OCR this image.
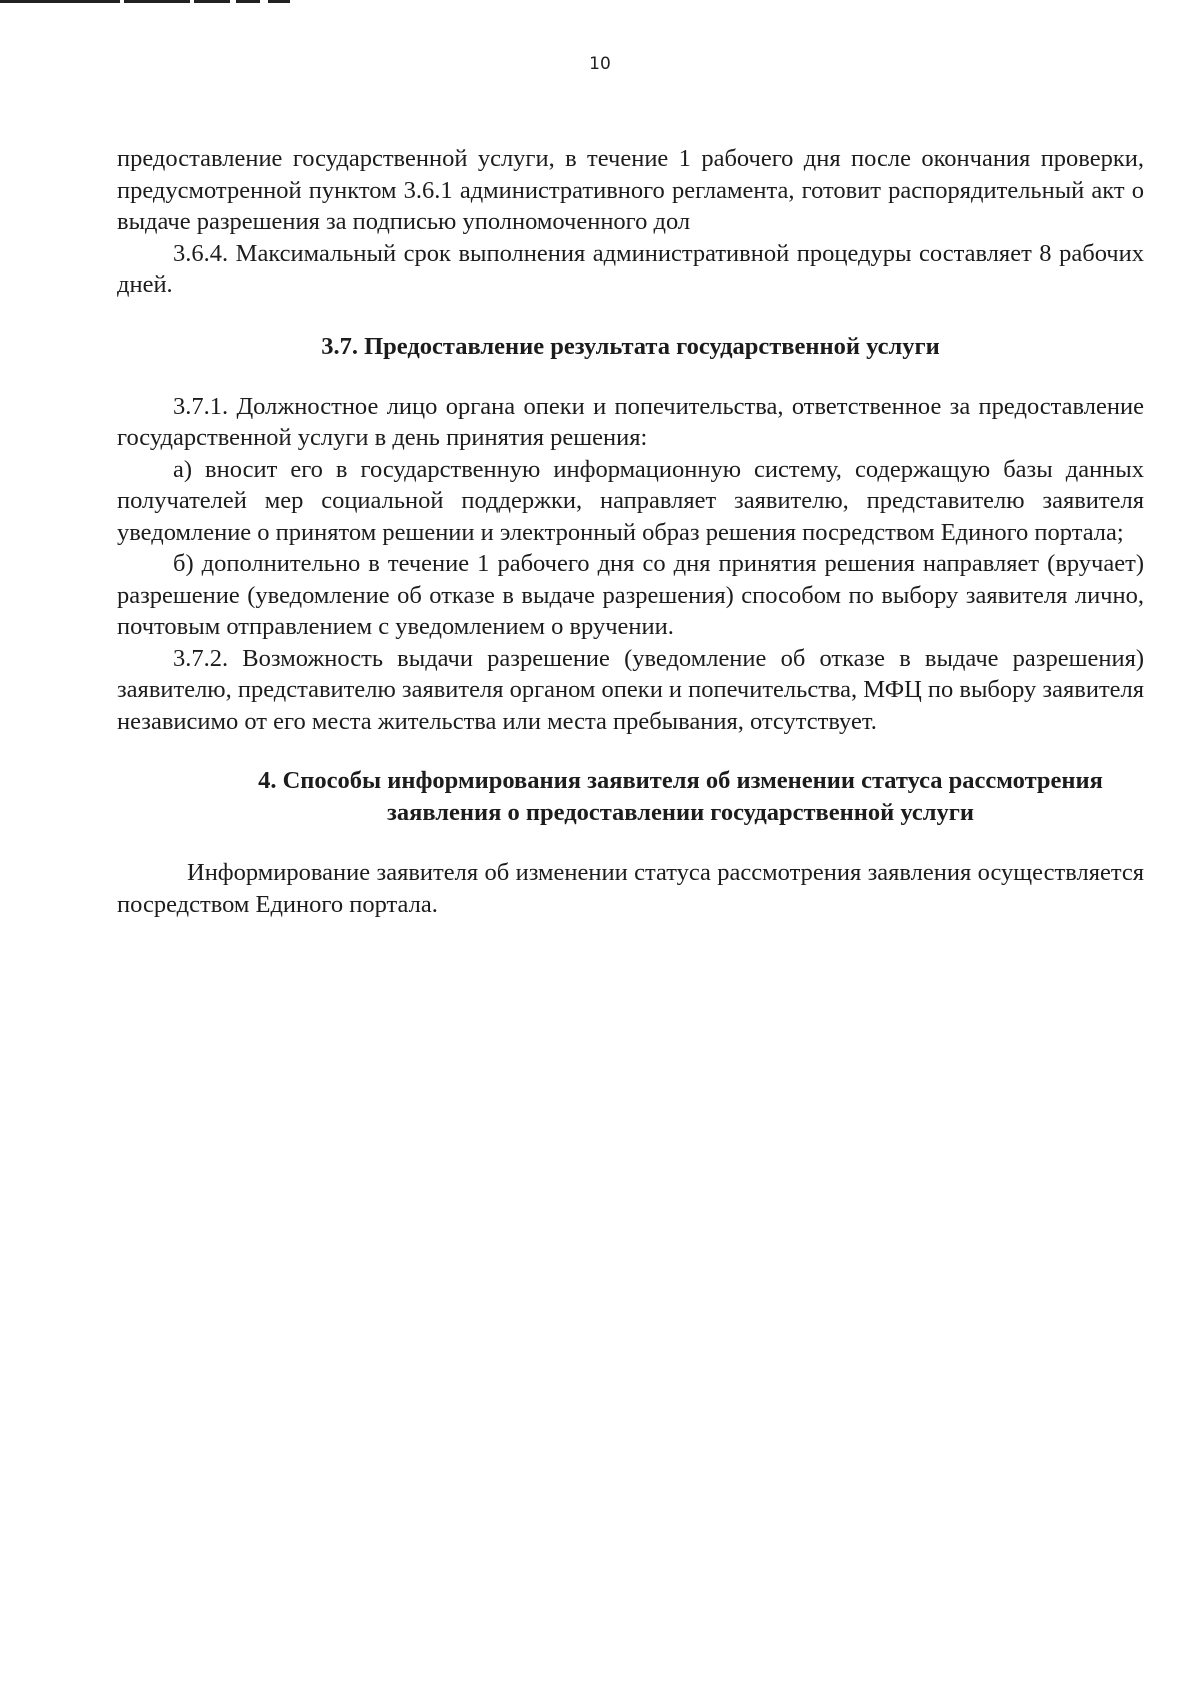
10

предоставление государственной услуги, в течение 1 рабочего дня после окончания проверки, предусмотренной пунктом 3.6.1 административного регламента, готовит распорядительный акт о выдаче разрешения за подписью уполномоченного дол

3.6.4. Максимальный срок выполнения административной процедуры составляет 8 рабочих дней.

3.7. Предоставление результата государственной услуги

3.7.1. Должностное лицо органа опеки и попечительства, ответственное за предоставление государственной услуги в день принятия решения:

а) вносит его в государственную информационную систему, содержащую базы данных получателей мер социальной поддержки, направляет заявителю, представителю заявителя уведомление о принятом решении и электронный образ решения посредством Единого портала;

б) дополнительно в течение 1 рабочего дня со дня принятия решения направляет (вручает) разрешение (уведомление об отказе в выдаче разрешения) способом по выбору заявителя лично, почтовым отправлением с уведомлением о вручении.

3.7.2. Возможность выдачи разрешение (уведомление об отказе в выдаче разрешения) заявителю, представителю заявителя органом опеки и попечительства, МФЦ по выбору заявителя независимо от его места жительства или места пребывания, отсутствует.

4. Способы информирования заявителя об изменении статуса рассмотрения заявления о предоставлении государственной услуги

Информирование заявителя об изменении статуса рассмотрения заявления осуществляется посредством Единого портала.
